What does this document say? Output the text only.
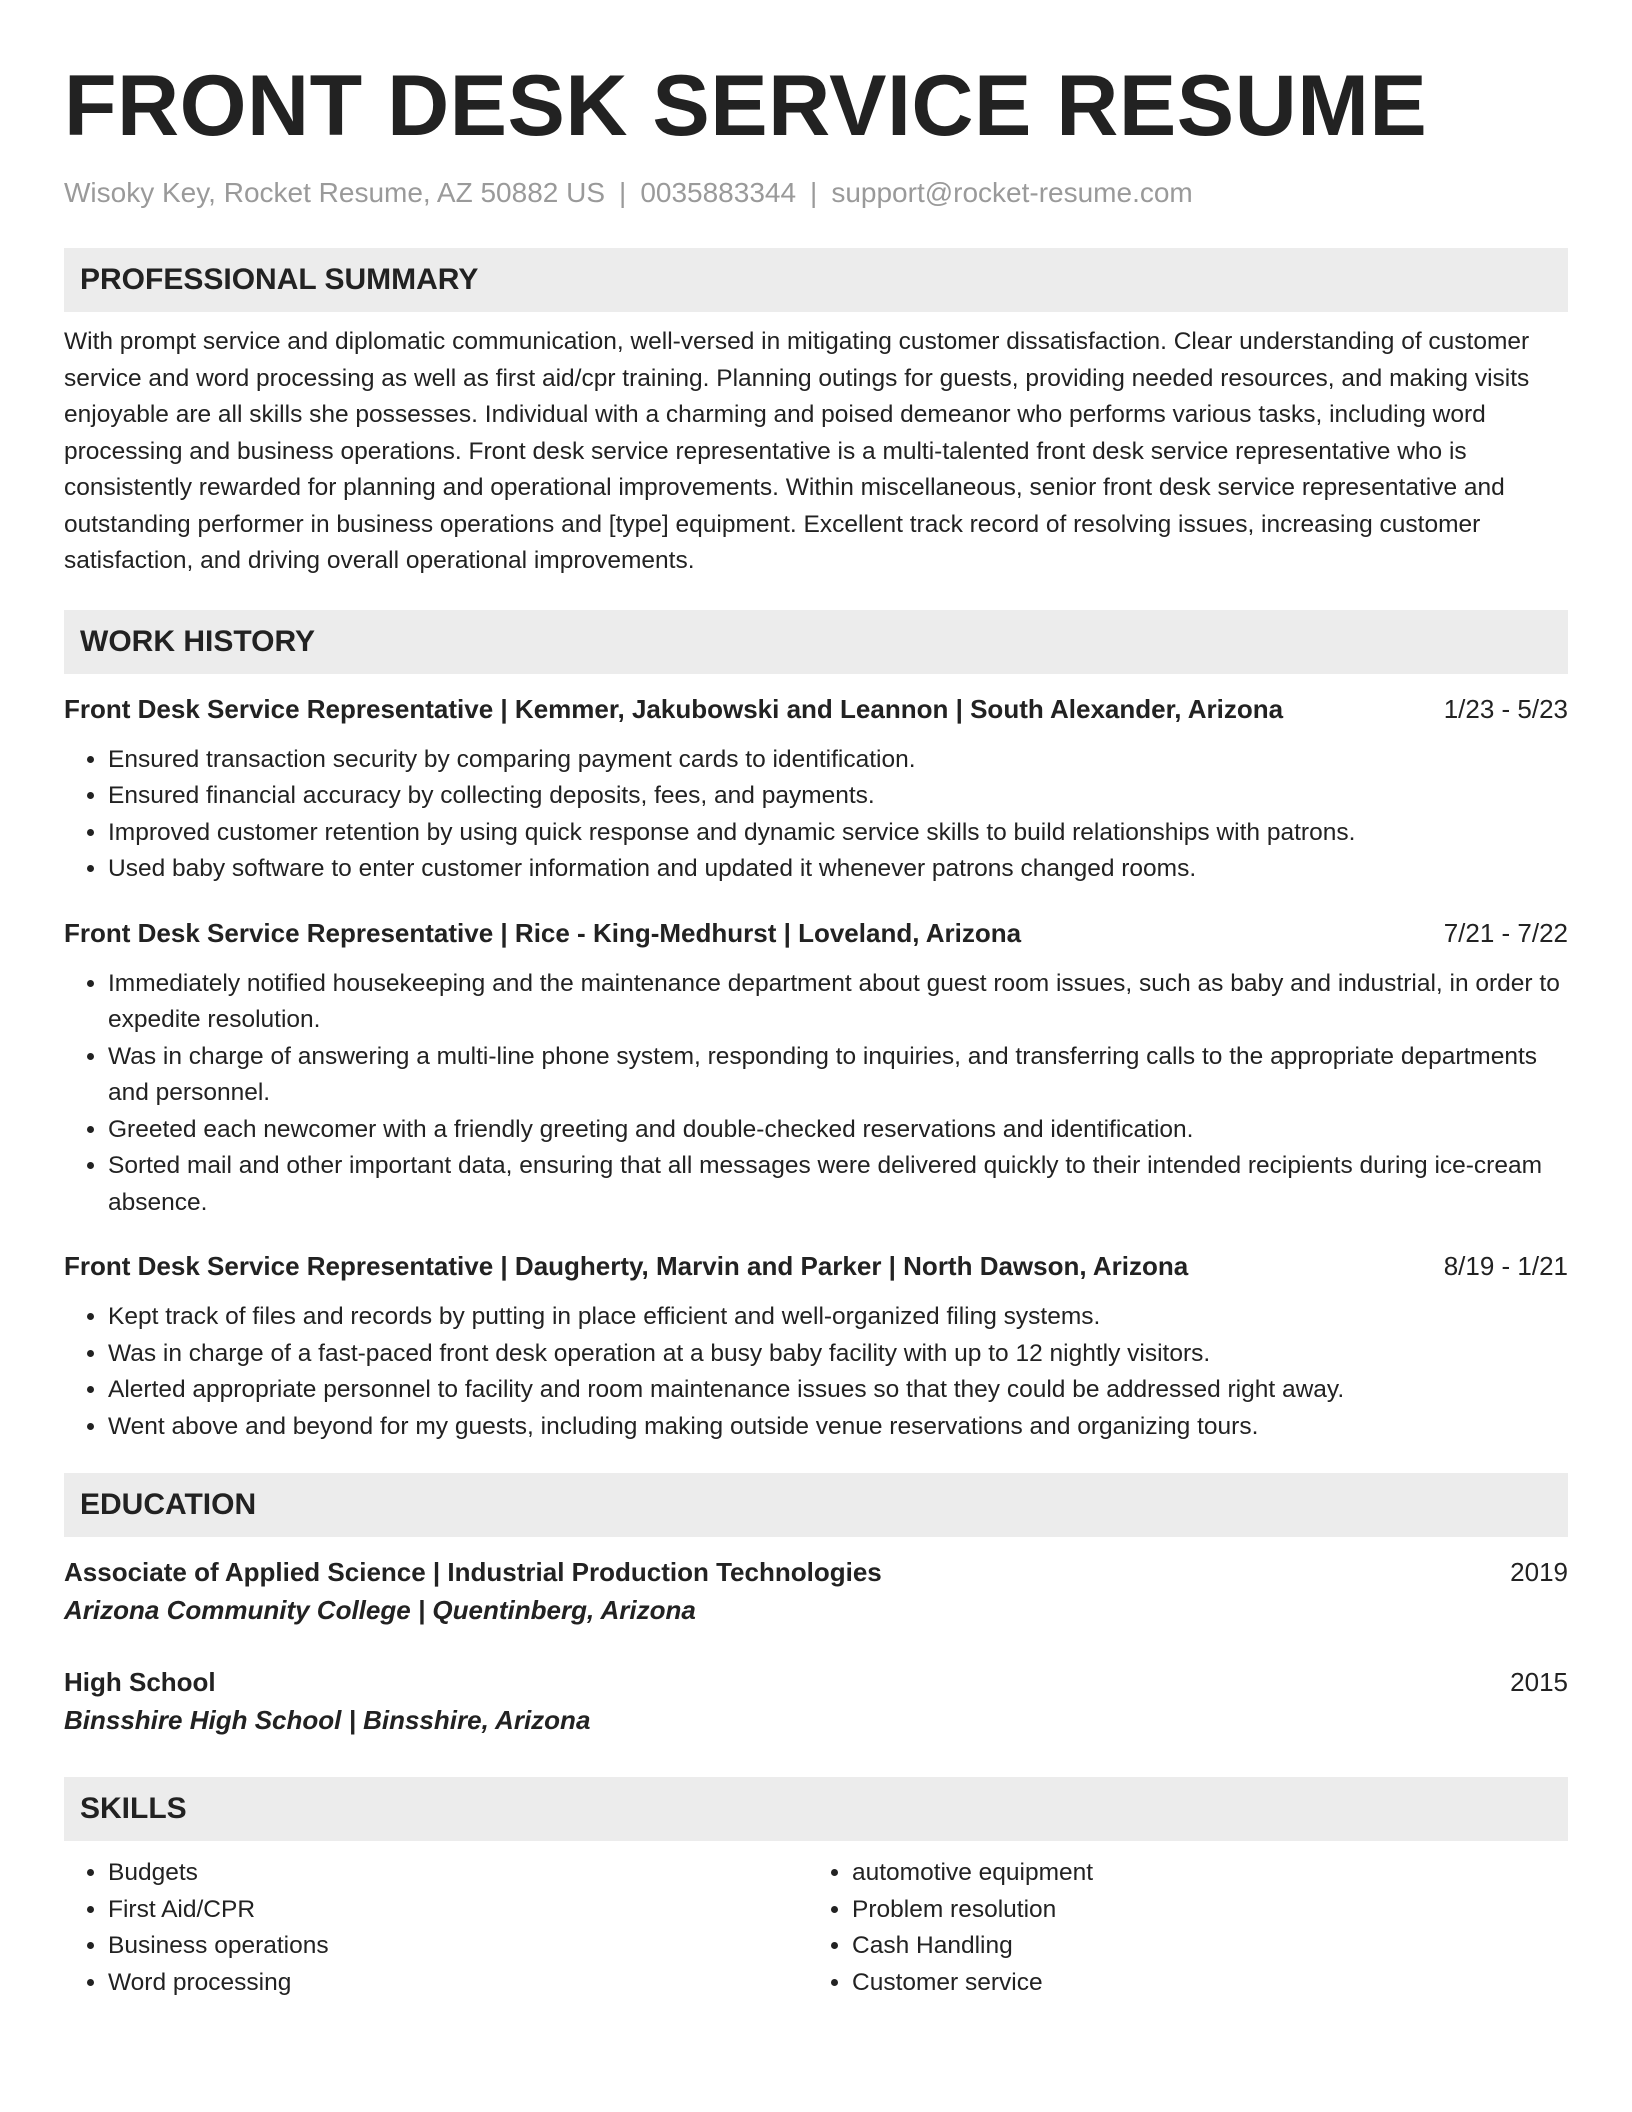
FRONT DESK SERVICE RESUME
Wisoky Key, Rocket Resume, AZ 50882 US | 0035883344 | support@rocket-resume.com
PROFESSIONAL SUMMARY

With prompt service and diplomatic communication, well-versed in mitigating customer dissatisfaction. Clear understanding of customer service and word processing as well as first aid/cpr training. Planning outings for guests, providing needed resources, and making visits enjoyable are all skills she possesses. Individual with a charming and poised demeanor who performs various tasks, including word processing and business operations. Front desk service representative is a multi-talented front desk service representative who is consistently rewarded for planning and operational improvements. Within miscellaneous, senior front desk service representative and outstanding performer in business operations and [type] equipment. Excellent track record of resolving issues, increasing customer satisfaction, and driving overall operational improvements.

WORK HISTORY
Front Desk Service Representative | Kemmer, Jakubowski and Leannon | South Alexander, Arizona	1/23 - 5/23
• Ensured transaction security by comparing payment cards to identification.
• Ensured financial accuracy by collecting deposits, fees, and payments.
• Improved customer retention by using quick response and dynamic service skills to build relationships with patrons.
• Used baby software to enter customer information and updated it whenever patrons changed rooms.
Front Desk Service Representative | Rice - King-Medhurst | Loveland, Arizona	7/21 - 7/22
• Immediately notified housekeeping and the maintenance department about guest room issues, such as baby and industrial, in order to expedite resolution.
• Was in charge of answering a multi-line phone system, responding to inquiries, and transferring calls to the appropriate departments and personnel.
• Greeted each newcomer with a friendly greeting and double-checked reservations and identification.
• Sorted mail and other important data, ensuring that all messages were delivered quickly to their intended recipients during ice-cream absence.
Front Desk Service Representative | Daugherty, Marvin and Parker | North Dawson, Arizona	8/19 - 1/21
• Kept track of files and records by putting in place efficient and well-organized filing systems.
• Was in charge of a fast-paced front desk operation at a busy baby facility with up to 12 nightly visitors.
• Alerted appropriate personnel to facility and room maintenance issues so that they could be addressed right away.
• Went above and beyond for my guests, including making outside venue reservations and organizing tours.
EDUCATION
Associate of Applied Science | Industrial Production Technologies	2019
Arizona Community College | Quentinberg, Arizona
High School	2015
Binsshire High School | Binsshire, Arizona
SKILLS
• Budgets
• First Aid/CPR
• Business operations
• Word processing
• automotive equipment
• Problem resolution
• Cash Handling
• Customer service
